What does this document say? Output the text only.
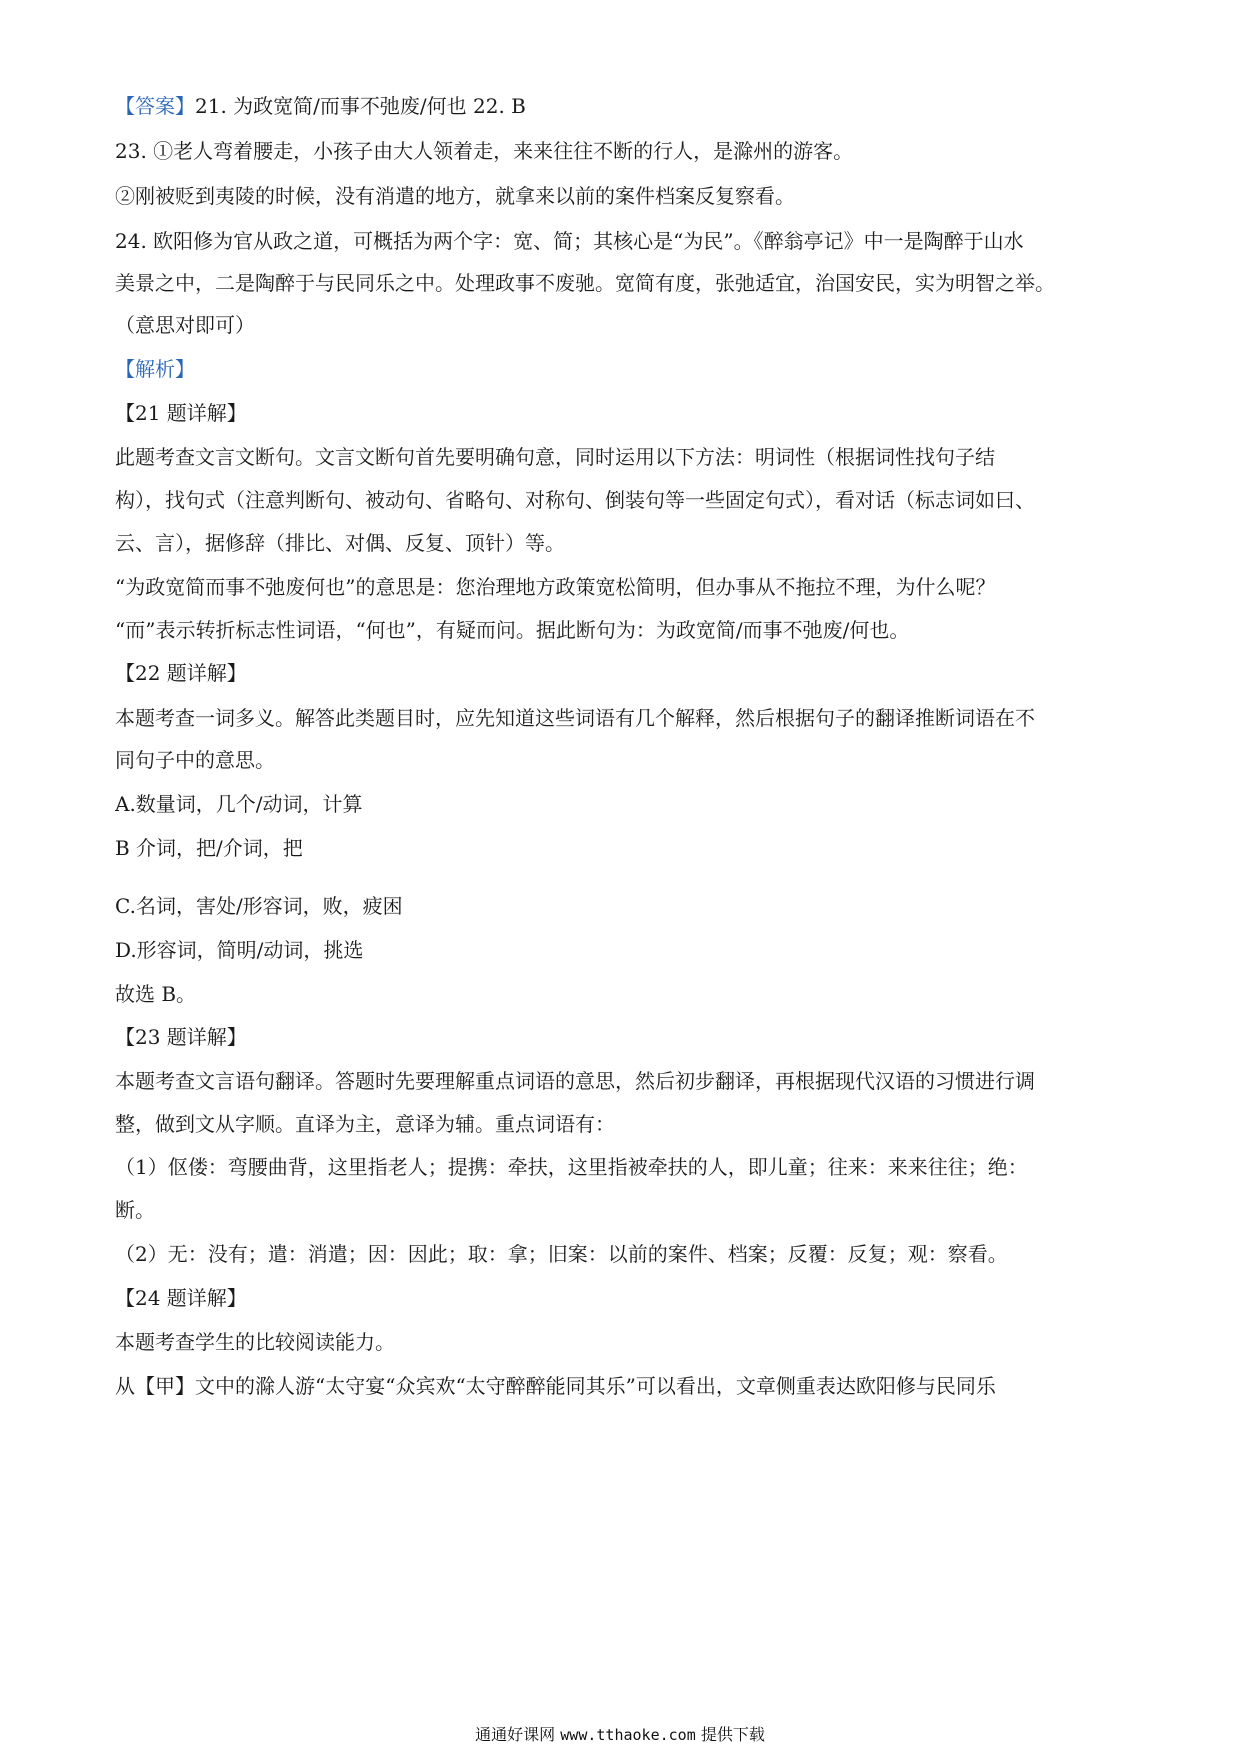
【答案】21. 为政宽简/而事不弛废/何也 22. B
23. ①老人弯着腰走，小孩子由大人领着走，来来往往不断的行人，是滁州的游客。
②刚被贬到夷陵的时候，没有消遣的地方，就拿来以前的案件档案反复察看。
24. 欧阳修为官从政之道，可概括为两个字：宽、简；其核心是“为民”。《醉翁亭记》中一是陶醉于山水
美景之中，二是陶醉于与民同乐之中。处理政事不废驰。宽简有度，张弛适宜，治国安民，实为明智之举。
（意思对即可）
【解析】
【21 题详解】
此题考查文言文断句。文言文断句首先要明确句意，同时运用以下方法：明词性（根据词性找句子结
构），找句式（注意判断句、被动句、省略句、对称句、倒装句等一些固定句式），看对话（标志词如曰、
云、言），据修辞（排比、对偶、反复、顶针）等。
“为政宽简而事不弛废何也”的意思是：您治理地方政策宽松简明，但办事从不拖拉不理，为什么呢？
“而”表示转折标志性词语，“何也”，有疑而问。据此断句为：为政宽简/而事不弛废/何也。
【22 题详解】
本题考查一词多义。解答此类题目时，应先知道这些词语有几个解释，然后根据句子的翻译推断词语在不
同句子中的意思。
A.数量词，几个/动词，计算
B 介词，把/介词，把
C.名词，害处/形容词，败，疲困
D.形容词，简明/动词，挑选
故选 B。
【23 题详解】
本题考查文言语句翻译。答题时先要理解重点词语的意思，然后初步翻译，再根据现代汉语的习惯进行调
整，做到文从字顺。直译为主，意译为辅。重点词语有：
（1）伛偻：弯腰曲背，这里指老人；提携：牵扶，这里指被牵扶的人，即儿童；往来：来来往往；绝：
断。
（2）无：没有；遣：消遣；因：因此；取：拿；旧案：以前的案件、档案；反覆：反复；观：察看。
【24 题详解】
本题考查学生的比较阅读能力。
从【甲】文中的滁人游“太守宴“众宾欢“太守醉醉能同其乐”可以看出，文章侧重表达欧阳修与民同乐
通通好课网 www.tthaoke.com 提供下载
